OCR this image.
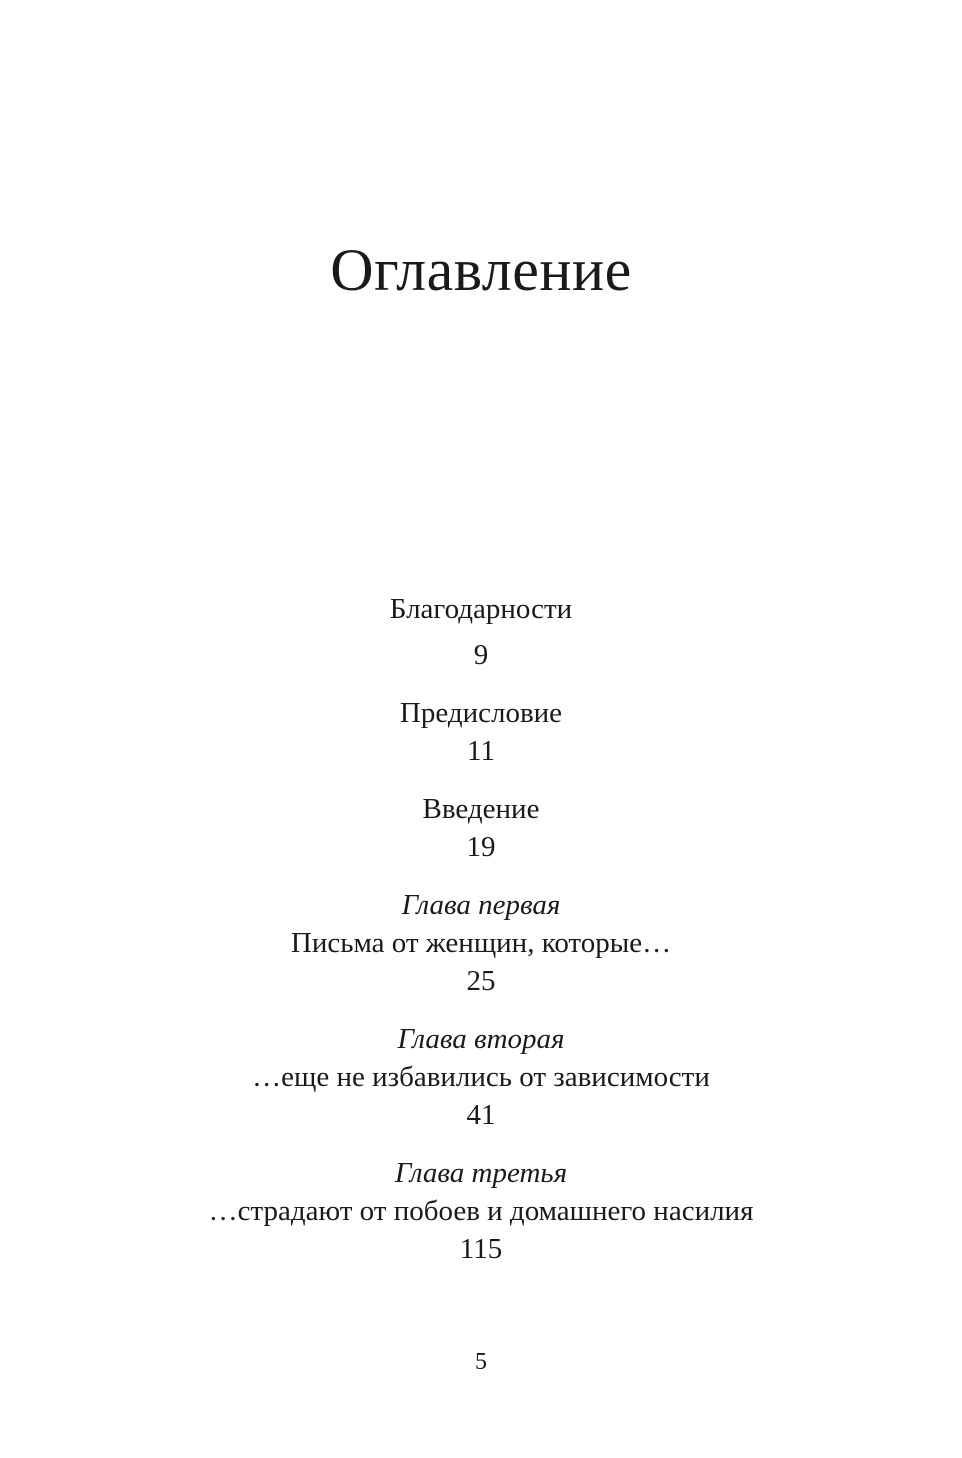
Оглавление
Благодарности
9
Предисловие
11
Введение
19
Глава первая
Письма от женщин, которые…
25
Глава вторая
…еще не избавились от зависимости
41
Глава третья
…страдают от побоев и домашнего насилия
115
5
